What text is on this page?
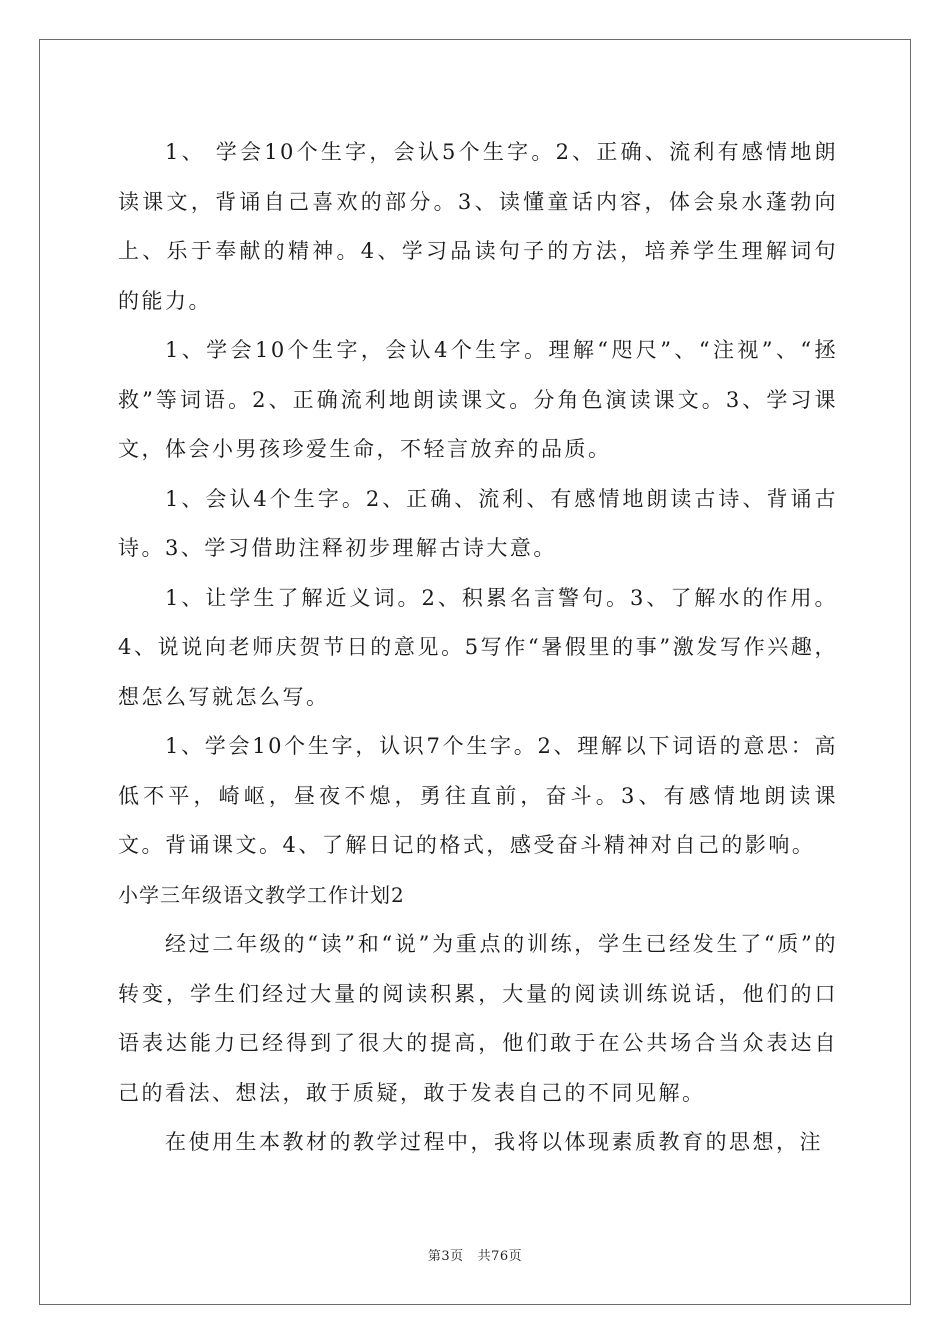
1、 学会10个生字，会认5个生字。2、正确、流利有感情地朗读课文，背诵自己喜欢的部分。3、读懂童话内容，体会泉水蓬勃向上、乐于奉献的精神。4、学习品读句子的方法，培养学生理解词句的能力。

1、学会10个生字，会认4个生字。理解“咫尺”、“注视”、“拯救”等词语。2、正确流利地朗读课文。分角色演读课文。3、学习课文，体会小男孩珍爱生命，不轻言放弃的品质。

1、会认4个生字。2、正确、流利、有感情地朗读古诗、背诵古诗。3、学习借助注释初步理解古诗大意。

1、让学生了解近义词。2、积累名言警句。3、了解水的作用。4、说说向老师庆贺节日的意见。5写作“暑假里的事”激发写作兴趣，想怎么写就怎么写。

1、学会10个生字，认识7个生字。2、理解以下词语的意思：高低不平，崎岖，昼夜不熄，勇往直前，奋斗。3、有感情地朗读课文。背诵课文。4、了解日记的格式，感受奋斗精神对自己的影响。

小学三年级语文教学工作计划2

经过二年级的“读”和“说”为重点的训练，学生已经发生了“质”的转变，学生们经过大量的阅读积累，大量的阅读训练说话，他们的口语表达能力已经得到了很大的提高，他们敢于在公共场合当众表达自己的看法、想法，敢于质疑，敢于发表自己的不同见解。

在使用生本教材的教学过程中，我将以体现素质教育的思想，注

第3页 共76页
